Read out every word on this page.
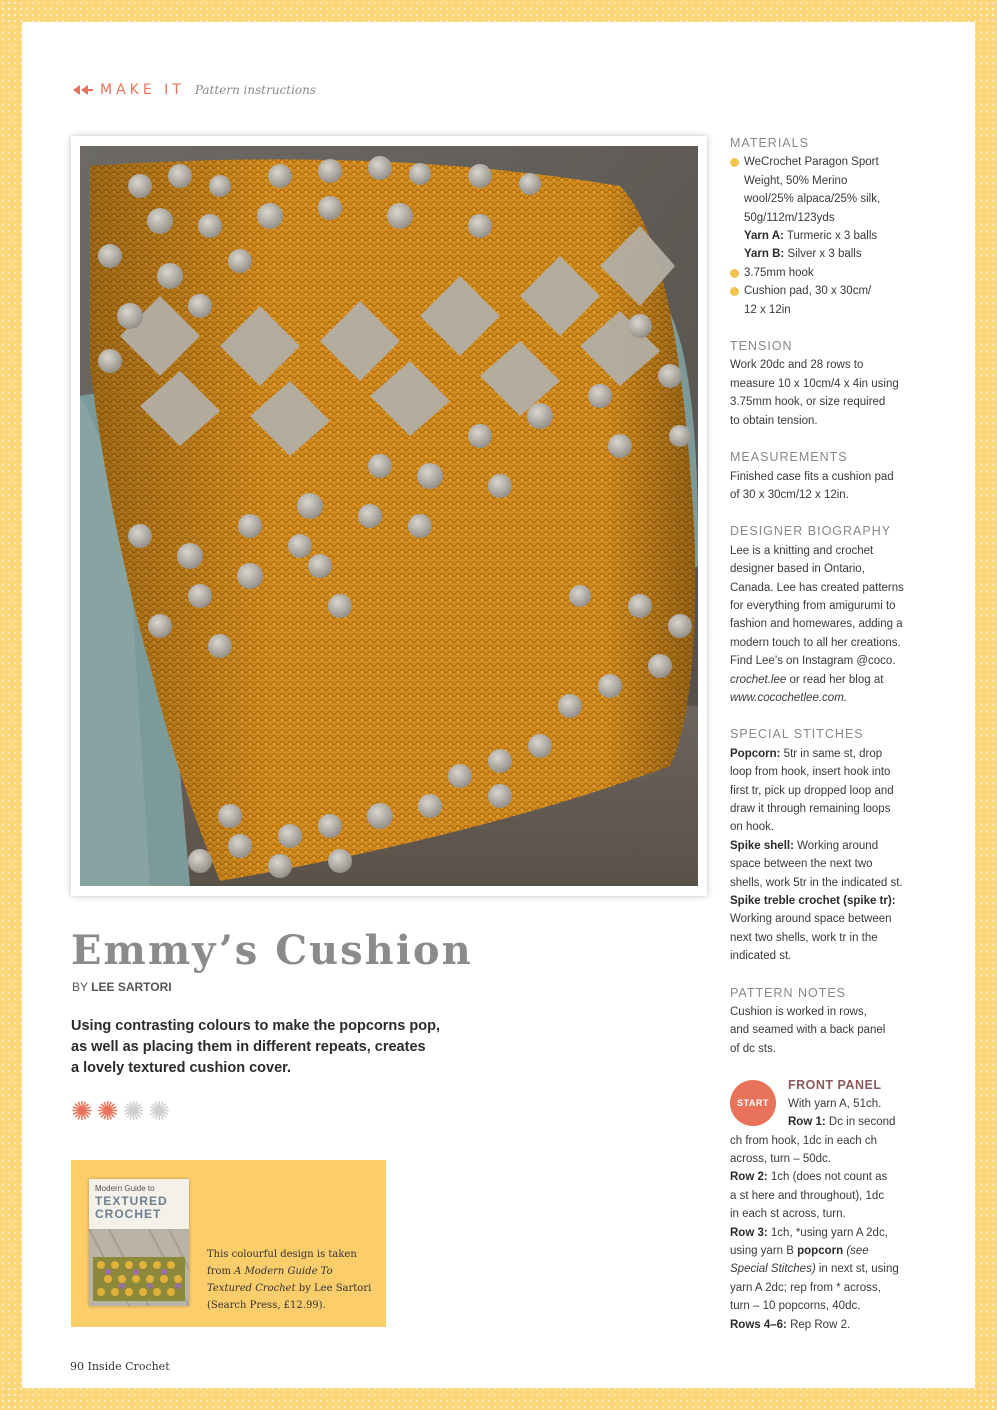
MAKE IT Pattern instructions
Emmy’s Cushion
BY LEE SARTORI
Using contrasting colours to make the popcorns pop,
as well as placing them in different repeats, creates
a lovely textured cushion cover.
✺ ✺ ✺ ✺
Modern Guide to
TEXTURED
CROCHET
This colourful design is taken
from A Modern Guide To
Textured Crochet by Lee Sartori
(Search Press, £12.99).
90 Inside Crochet
MATERIALS
WeCrochet Paragon Sport
Weight, 50% Merino
wool/25% alpaca/25% silk,
50g/112m/123yds
Yarn A: Turmeric x 3 balls
Yarn B: Silver x 3 balls
3.75mm hook
Cushion pad, 30 x 30cm/
12 x 12in
TENSION
Work 20dc and 28 rows to
measure 10 x 10cm/4 x 4in using
3.75mm hook, or size required
to obtain tension.
MEASUREMENTS
Finished case fits a cushion pad
of 30 x 30cm/12 x 12in.
DESIGNER BIOGRAPHY
Lee is a knitting and crochet
designer based in Ontario,
Canada. Lee has created patterns
for everything from amigurumi to
fashion and homewares, adding a
modern touch to all her creations.
Find Lee’s on Instagram @coco.
crochet.lee or read her blog at
www.cocochetlee.com.
SPECIAL STITCHES
Popcorn: 5tr in same st, drop
loop from hook, insert hook into
first tr, pick up dropped loop and
draw it through remaining loops
on hook.
Spike shell: Working around
space between the next two
shells, work 5tr in the indicated st.
Spike treble crochet (spike tr):
Working around space between
next two shells, work tr in the
indicated st.
PATTERN NOTES
Cushion is worked in rows,
and seamed with a back panel
of dc sts.
START
FRONT PANEL
With yarn A, 51ch.
Row 1: Dc in second
ch from hook, 1dc in each ch
across, turn – 50dc.
Row 2: 1ch (does not count as
a st here and throughout), 1dc
in each st across, turn.
Row 3: 1ch, *using yarn A 2dc,
using yarn B popcorn (see
Special Stitches) in next st, using
yarn A 2dc; rep from * across,
turn – 10 popcorns, 40dc.
Rows 4–6: Rep Row 2.
